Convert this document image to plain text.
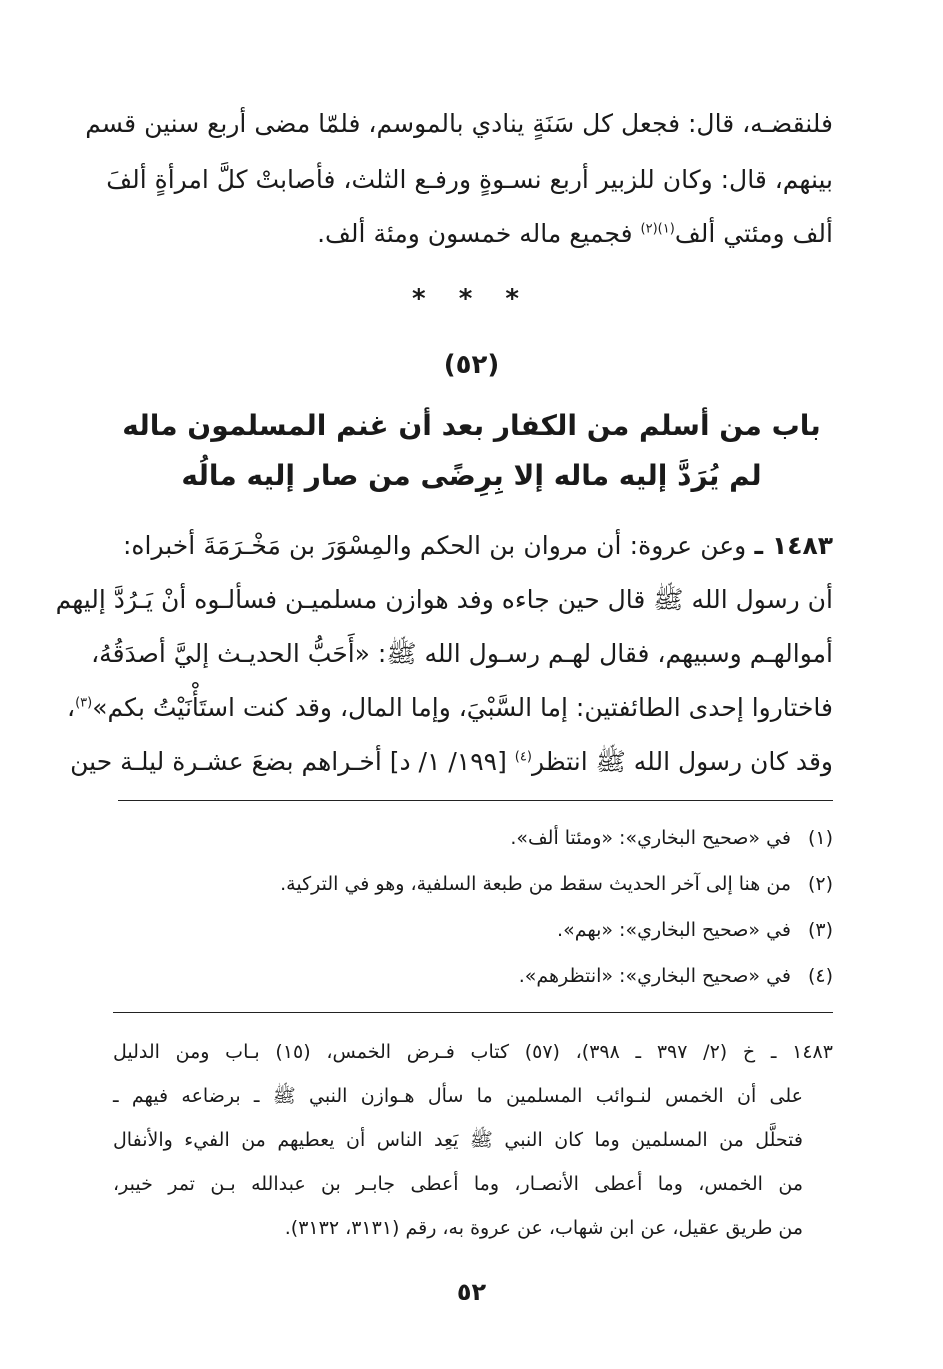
فلنقضـه، قال: فجعل كل سَنَةٍ ينادي بالموسم، فلمّا مضى أربع سنين قسم
بينهم، قال: وكان للزبير أربع نسـوةٍ ورفـع الثلث، فأصابتْ كلَّ امرأةٍ ألفَ
ألف ومئتي ألف$^{(١)(٢)}$ فجميع ماله خمسون ومئة ألف.
* * *
(٥٢)
باب من أسلم من الكفار بعد أن غنم المسلمون ماله
لم يُرَدَّ إليه ماله إلا بِرِضًى من صار إليه مالُه
١٤٨٣ ـ وعن عروة: أن مروان بن الحكم والمِسْوَرَ بن مَخْـرَمَةَ أخبراه:
أن رسول الله ﷺ قال حين جاءه وفد هوازن مسلميـن فسألـوه أنْ يَـرُدَّ إليهم
أموالهـم وسبيهم، فقال لهـم رسـول الله ﷺ: «أَحَبُّ الحديـث إليَّ أصدَقُهُ،
فاختاروا إحدى الطائفتين: إما السَّبْيَ، وإما المال، وقد كنت استَأْنَيْتُ بكم»$^{(٣)}$،
وقد كان رسول الله ﷺ انتظر$^{(٤)}$ [١٩٩/ ١/ د] أخـراهم بضعَ عشـرة ليلـة حين
(١)في «صحيح البخاري»: «ومئتا ألف».
(٢)من هنا إلى آخر الحديث سقط من طبعة السلفية، وهو في التركية.
(٣)في «صحيح البخاري»: «بهم».
(٤)في «صحيح البخاري»: «انتظرهم».
١٤٨٣ ـ خ (٢/ ٣٩٧ ـ ٣٩٨)، (٥٧) كتاب فـرض الخمس، (١٥) بـاب ومن الدليل
على أن الخمس لنـوائب المسلمين ما سأل هـوازن النبي ﷺ ـ برضاعه فيهم ـ
فتحلَّل من المسلمين وما كان النبي ﷺ يَعِد الناس أن يعطيهم من الفيء والأنفال
من الخمس، وما أعطى الأنصـار، وما أعطى جابـر بن عبدالله بـن تمر خيبر،
من طريق عقيل، عن ابن شهاب، عن عروة به، رقم (٣١٣١، ٣١٣٢).
٥٢
